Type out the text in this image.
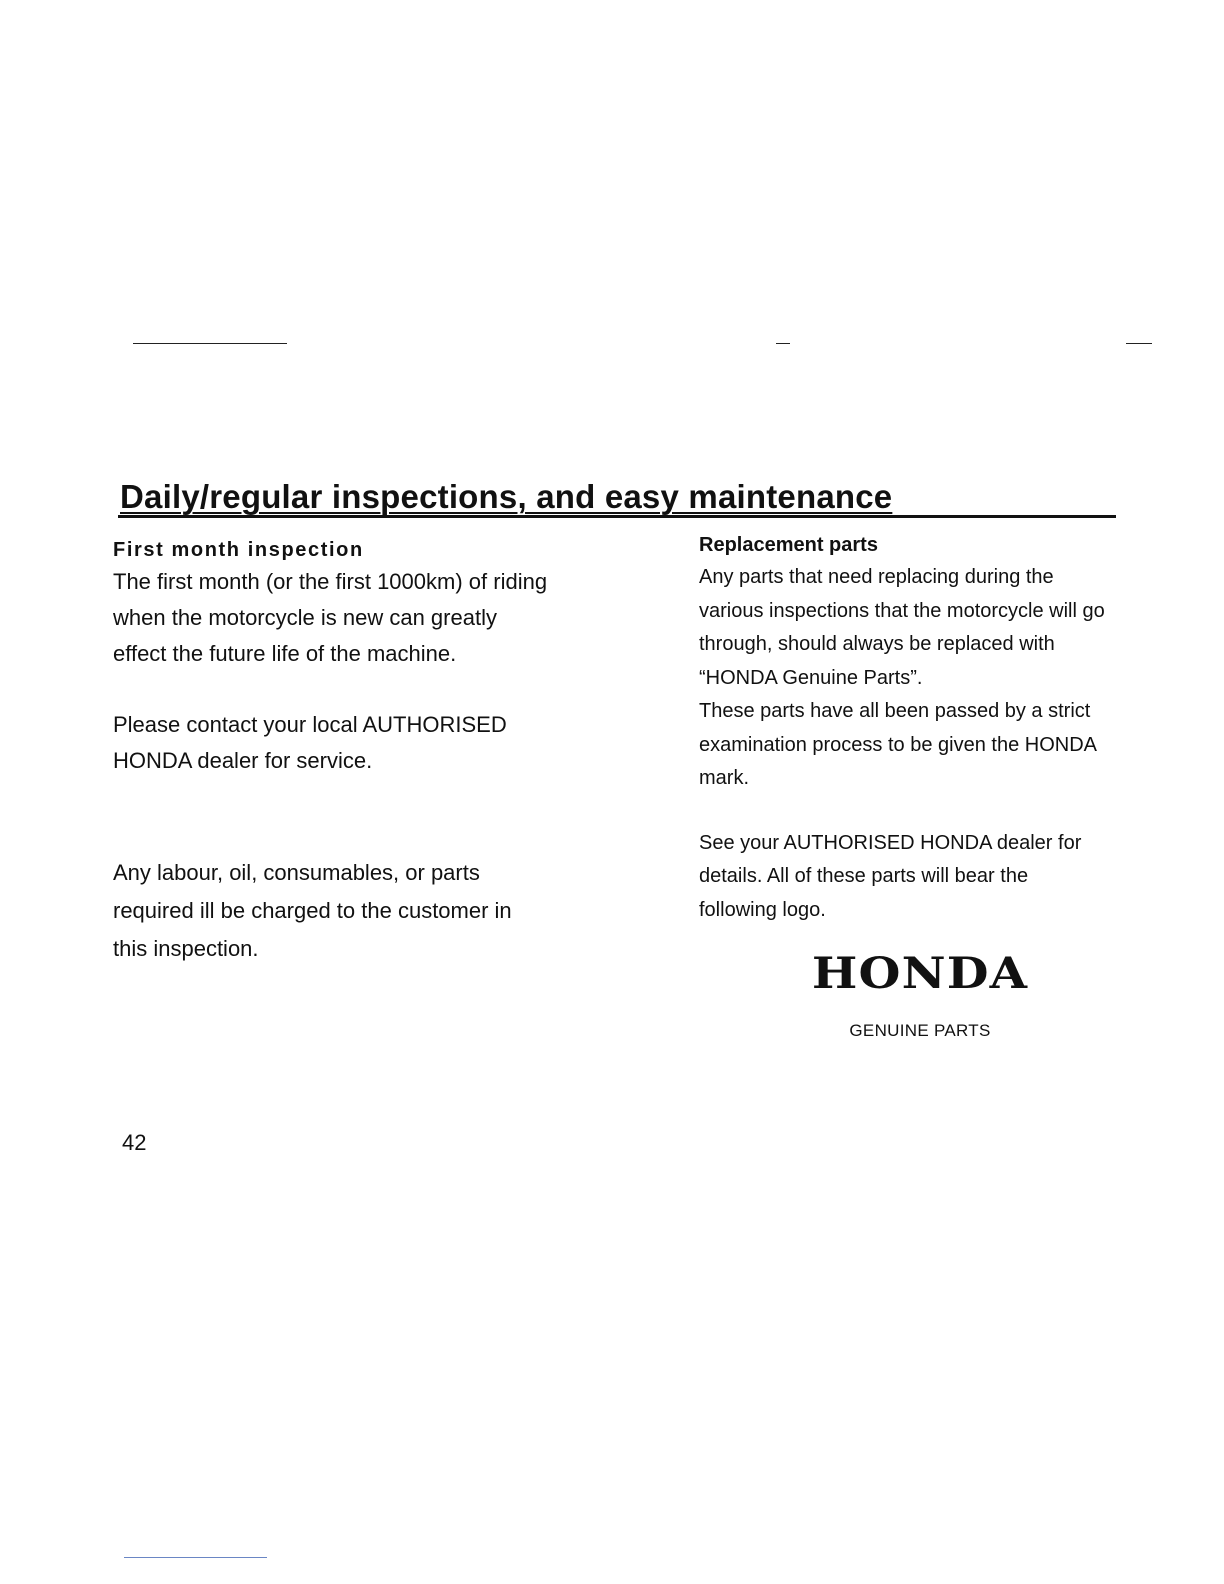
Daily/regular inspections, and easy maintenance
First month inspection

The first month (or the first 1000km) of riding
when the motorcycle is new can greatly
effect the future life of the machine.

Please contact your local AUTHORISED
HONDA dealer for service.

Any labour, oil, consumables, or parts
required ill be charged to the customer in
this inspection.

Replacement parts

Any parts that need replacing during the
various inspections that the motorcycle will go
through, should always be replaced with
“HONDA Genuine Parts”.

These parts have all been passed by a strict
examination process to be given the HONDA
mark.

See your AUTHORISED HONDA dealer for
details. All of these parts will bear the
following logo.

HONDA
GENUINE PARTS
42
